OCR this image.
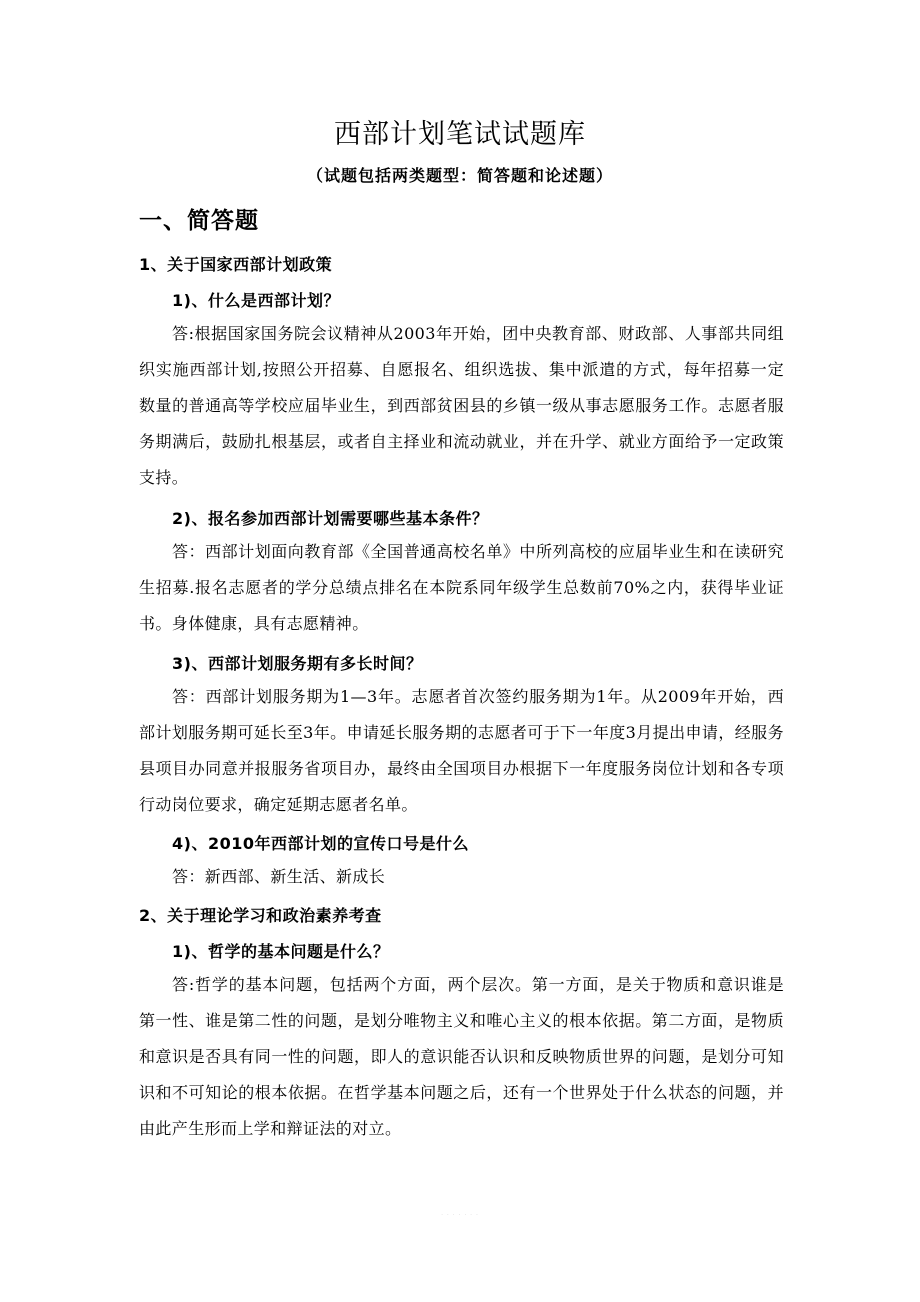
西部计划笔试试题库
（试题包括两类题型：简答题和论述题）
一、简答题
1、关于国家西部计划政策
1)、什么是西部计划？
答:根据国家国务院会议精神从2003年开始，团中央教育部、财政部、人事部共同组织实施西部计划,按照公开招募、自愿报名、组织选拔、集中派遣的方式，每年招募一定数量的普通高等学校应届毕业生，到西部贫困县的乡镇一级从事志愿服务工作。志愿者服务期满后，鼓励扎根基层，或者自主择业和流动就业，并在升学、就业方面给予一定政策支持。
2)、报名参加西部计划需要哪些基本条件？
答：西部计划面向教育部《全国普通高校名单》中所列高校的应届毕业生和在读研究生招募.报名志愿者的学分总绩点排名在本院系同年级学生总数前70%之内，获得毕业证书。身体健康，具有志愿精神。
3)、西部计划服务期有多长时间？
答：西部计划服务期为1—3年。志愿者首次签约服务期为1年。从2009年开始，西部计划服务期可延长至3年。申请延长服务期的志愿者可于下一年度3月提出申请，经服务县项目办同意并报服务省项目办，最终由全国项目办根据下一年度服务岗位计划和各专项行动岗位要求，确定延期志愿者名单。
4)、2010年西部计划的宣传口号是什么
答：新西部、新生活、新成长
2、关于理论学习和政治素养考查
1)、哲学的基本问题是什么？
答:哲学的基本问题，包括两个方面，两个层次。第一方面，是关于物质和意识谁是第一性、谁是第二性的问题，是划分唯物主义和唯心主义的根本依据。第二方面，是物质和意识是否具有同一性的问题，即人的意识能否认识和反映物质世界的问题，是划分可知识和不可知论的根本依据。在哲学基本问题之后，还有一个世界处于什么状态的问题，并由此产生形而上学和辩证法的对立。
· · · · · · ·
